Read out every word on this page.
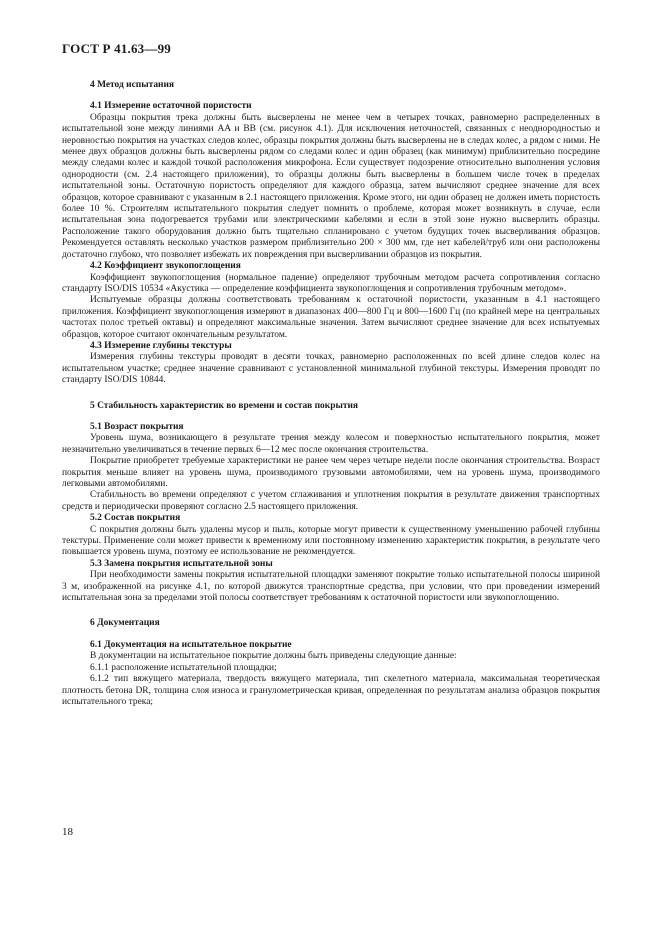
ГОСТ Р 41.63—99
4 Метод испытания
4.1 Измерение остаточной пористости

Образцы покрытия трека должны быть высверлены не менее чем в четырех точках, равномерно распределенных в испытательной зоне между линиями AA и BB (см. рисунок 4.1). Для исключения неточностей, связанных с неоднородностью и неровностью покрытия на участках следов колес, образцы покрытия должны быть высверлены не в следах колес, а рядом с ними. Не менее двух образцов должны быть высверлены рядом со следами колес и один образец (как минимум) приблизительно посредине между следами колес и каждой точкой расположения микрофона. Если существует подозрение относительно выполнения условия однородности (см. 2.4 настоящего приложения), то образцы должны быть высверлены в большем числе точек в пределах испытательной зоны. Остаточную пористость определяют для каждого образца, затем вычисляют среднее значение для всех образцов, которое сравнивают с указанным в 2.1 настоящего приложения. Кроме этого, ни один образец не должен иметь пористость более 10 %. Строителям испытательного покрытия следует помнить о проблеме, которая может возникнуть в случае, если испытательная зона подогревается трубами или электрическими кабелями и если в этой зоне нужно высверлить образцы. Расположение такого оборудования должно быть тщательно спланировано с учетом будущих точек высверливания образцов. Рекомендуется оставлять несколько участков размером приблизительно 200 × 300 мм, где нет кабелей/труб или они расположены достаточно глубоко, что позволяет избежать их повреждения при высверливании образцов из покрытия.

4.2 Коэффициент звукопоглощения

Коэффициент звукопоглощения (нормальное падение) определяют трубочным методом расчета сопротивления согласно стандарту ISO/DIS 10534 «Акустика — определение коэффициента звукопоглощения и сопротивления трубочным методом».

Испытуемые образцы должны соответствовать требованиям к остаточной пористости, указанным в 4.1 настоящего приложения. Коэффициент звукопоглощения измеряют в диапазонах 400—800 Гц и 800—1600 Гц (по крайней мере на центральных частотах полос третьей октавы) и определяют максимальные значения. Затем вычисляют среднее значение для всех испытуемых образцов, которое считают окончательным результатом.

4.3 Измерение глубины текстуры

Измерения глубины текстуры проводят в десяти точках, равномерно расположенных по всей длине следов колес на испытательном участке; среднее значение сравнивают с установленной минимальной глубиной текстуры. Измерения проводят по стандарту ISO/DIS 10844.

5 Стабильность характеристик во времени и состав покрытия
5.1 Возраст покрытия

Уровень шума, возникающего в результате трения между колесом и поверхностью испытательного покрытия, может незначительно увеличиваться в течение первых 6—12 мес после окончания строительства.

Покрытие приобретет требуемые характеристики не ранее чем через четыре недели после окончания строительства. Возраст покрытия меньше влияет на уровень шума, производимого грузовыми автомобилями, чем на уровень шума, производимого легковыми автомобилями.

Стабильность во времени определяют с учетом сглаживания и уплотнения покрытия в результате движения транспортных средств и периодически проверяют согласно 2.5 настоящего приложения.

5.2 Состав покрытия

С покрытия должны быть удалены мусор и пыль, которые могут привести к существенному уменьшению рабочей глубины текстуры. Применение соли может привести к временному или постоянному изменению характеристик покрытия, в результате чего повышается уровень шума, поэтому ее использование не рекомендуется.

5.3 Замена покрытия испытательной зоны

При необходимости замены покрытия испытательной площадки заменяют покрытие только испытательной полосы шириной 3 м, изображенной на рисунке 4.1, по которой движутся транспортные средства, при условии, что при проведении измерений испытательная зона за пределами этой полосы соответствует требованиям к остаточной пористости или звукопоглощению.

6 Документация
6.1 Документация на испытательное покрытие

В документации на испытательное покрытие должны быть приведены следующие данные:

6.1.1 расположение испытательной площадки;

6.1.2 тип вяжущего материала, твердость вяжущего материала, тип скелетного материала, максимальная теоретическая плотность бетона DR, толщина слоя износа и гранулометрическая кривая, определенная по результатам анализа образцов покрытия испытательного трека;

18
